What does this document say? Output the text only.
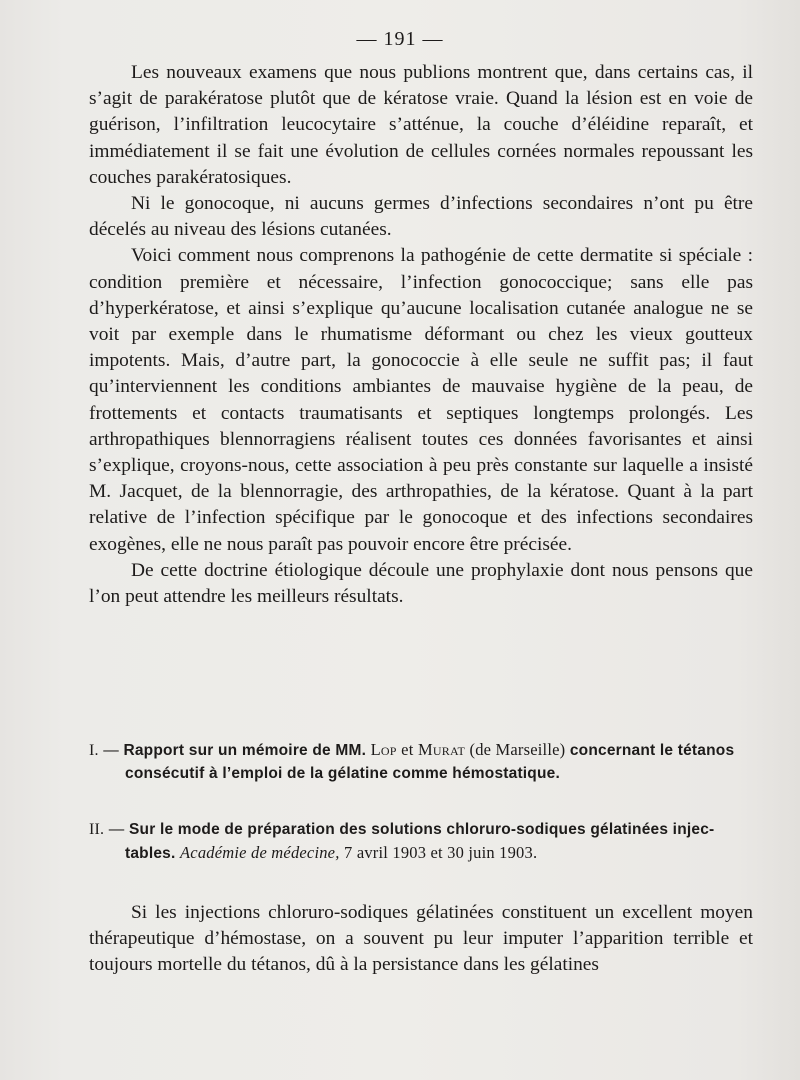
— 191 —

Les nouveaux examens que nous publions montrent que, dans certains cas, il s’agit de parakératose plutôt que de kératose vraie. Quand la lésion est en voie de guérison, l’infiltration leucocytaire s’atténue, la couche d’éléidine reparaît, et immédiatement il se fait une évolution de cellules cornées normales repoussant les couches parakératosiques.

Ni le gonocoque, ni aucuns germes d’infections secondaires n’ont pu être décelés au niveau des lésions cutanées.

Voici comment nous comprenons la pathogénie de cette dermatite si spéciale : condition première et nécessaire, l’infection gonococcique; sans elle pas d’hyperkératose, et ainsi s’explique qu’aucune localisation cutanée analogue ne se voit par exemple dans le rhumatisme déformant ou chez les vieux goutteux impotents. Mais, d’autre part, la gonococcie à elle seule ne suffit pas; il faut qu’interviennent les conditions ambiantes de mauvaise hygiène de la peau, de frottements et contacts traumatisants et septiques longtemps prolongés. Les arthropathiques blennorragiens réalisent toutes ces données favorisantes et ainsi s’explique, croyons-nous, cette association à peu près constante sur laquelle a insisté M. Jacquet, de la blennorragie, des arthropathies, de la kératose. Quant à la part relative de l’infection spécifique par le gonocoque et des infections secondaires exogènes, elle ne nous paraît pas pouvoir encore être précisée.

De cette doctrine étiologique découle une prophylaxie dont nous pensons que l’on peut attendre les meilleurs résultats.

I. — Rapport sur un mémoire de MM. Lop et Murat (de Marseille) concernant le tétanos
consécutif à l’emploi de la gélatine comme hémostatique.
II. — Sur le mode de préparation des solutions chloruro-sodiques gélatinées injec-
tables. Académie de médecine, 7 avril 1903 et 30 juin 1903.

Si les injections chloruro-sodiques gélatinées constituent un excellent moyen thérapeutique d’hémostase, on a souvent pu leur imputer l’apparition terrible et toujours mortelle du tétanos, dû à la persistance dans les gélatines
